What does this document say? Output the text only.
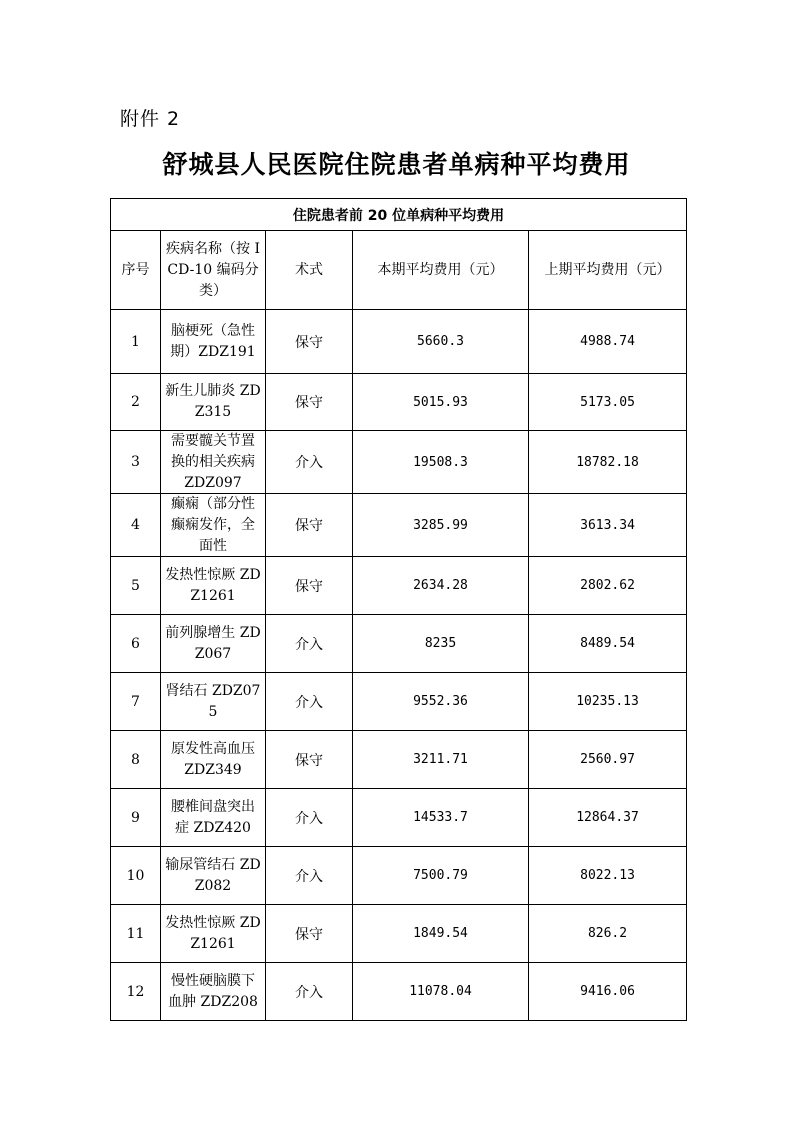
附件 2
舒城县人民医院住院患者单病种平均费用
住院患者前 20 位单病种平均费用				
序号	疾病名称（按 ICD-10 编码分类）	术式	本期平均费用（元）	上期平均费用（元）
1	脑梗死（急性期）ZDZ191	保守	5660.3	4988.74
2	新生儿肺炎 ZDZ315	保守	5015.93	5173.05
3	需要髋关节置换的相关疾病 ZDZ097	介入	19508.3	18782.18
4	癫痫（部分性癫痫发作，全面性	保守	3285.99	3613.34
5	发热性惊厥 ZDZ1261	保守	2634.28	2802.62
6	前列腺增生 ZDZ067	介入	8235	8489.54
7	肾结石 ZDZ075	介入	9552.36	10235.13
8	原发性高血压 ZDZ349	保守	3211.71	2560.97
9	腰椎间盘突出症 ZDZ420	介入	14533.7	12864.37
10	输尿管结石 ZDZ082	介入	7500.79	8022.13
11	发热性惊厥 ZDZ1261	保守	1849.54	826.2
12	慢性硬脑膜下血肿 ZDZ208	介入	11078.04	9416.06
